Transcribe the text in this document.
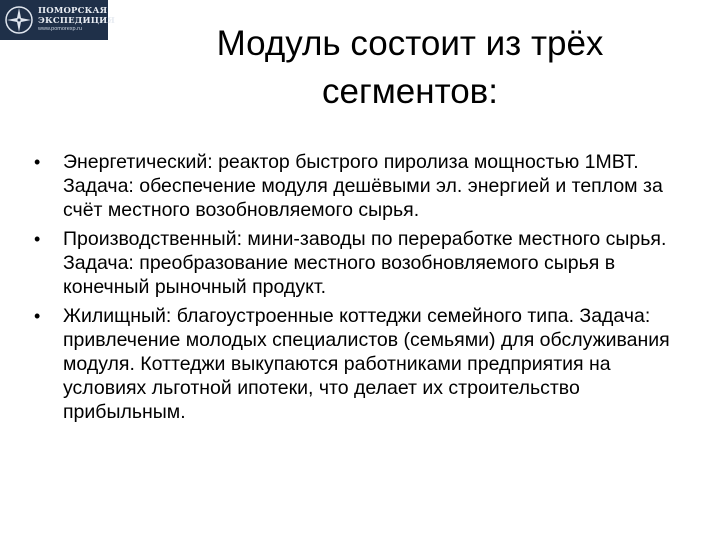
ПОМОРСКАЯ
ЭКСПЕДИЦИЯ
www.pomorexp.ru	Модуль состоит из трёх
сегментов:
• Энергетический: реактор быстрого пиролиза мощностью 1МВТ. Задача: обеспечение модуля дешёвыми эл. энергией и теплом за счёт местного возобновляемого сырья.
• Производственный: мини-заводы по переработке местного сырья. Задача: преобразование местного возобновляемого сырья в конечный рыночный продукт.
• Жилищный: благоустроенные коттеджи семейного типа. Задача: привлечение молодых специалистов (семьями) для обслуживания модуля. Коттеджи выкупаются работниками предприятия на условиях льготной ипотеки, что делает их строительство прибыльным.
